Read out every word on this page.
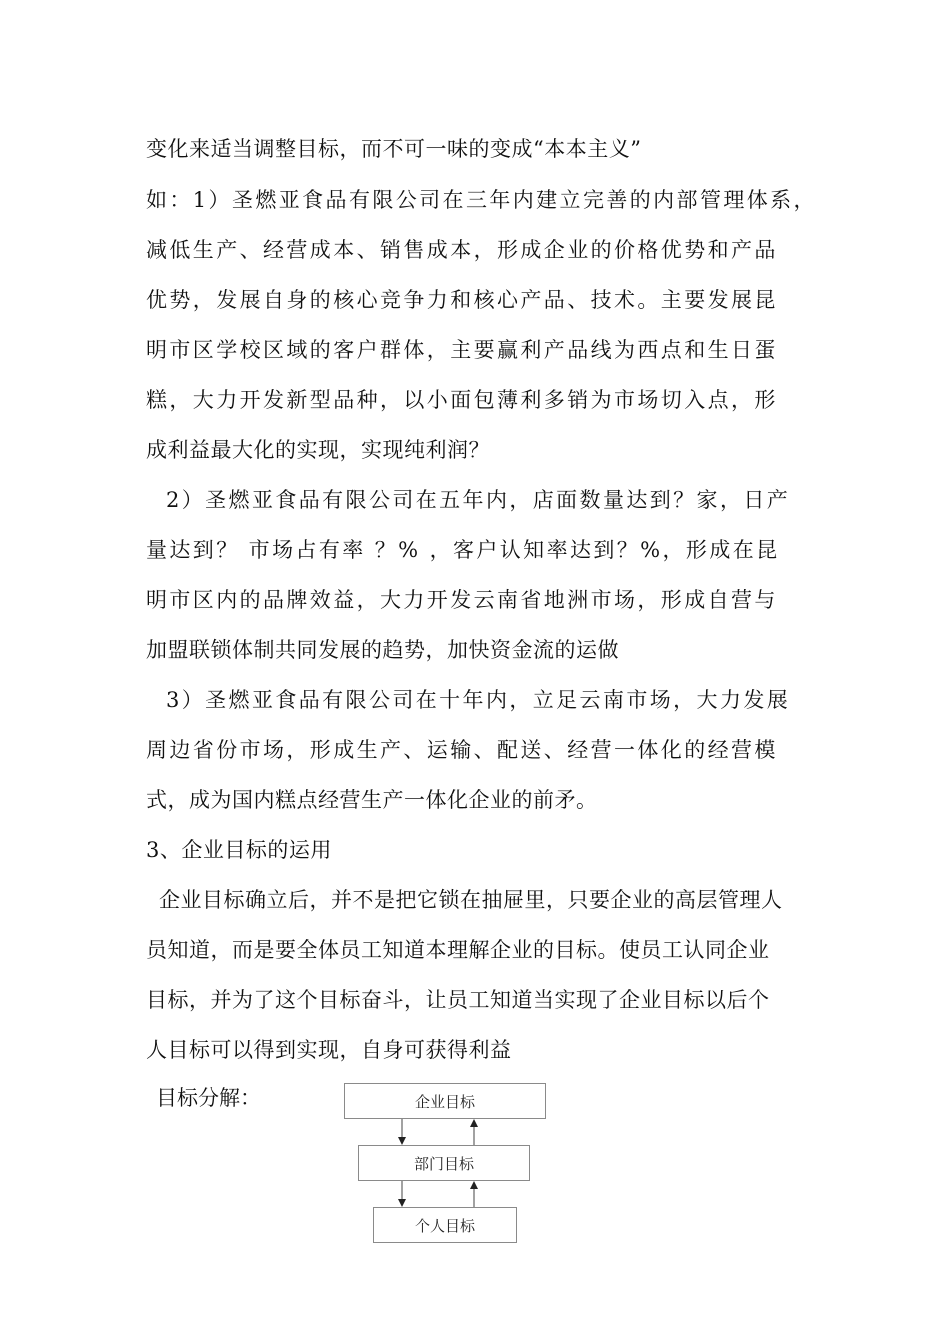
变化来适当调整目标，而不可一味的变成“本本主义”
如：1）圣燃亚食品有限公司在三年内建立完善的内部管理体系，
减低生产、经营成本、销售成本，形成企业的价格优势和产品
优势，发展自身的核心竞争力和核心产品、技术。主要发展昆
明市区学校区域的客户群体，主要赢利产品线为西点和生日蛋
糕，大力开发新型品种，以小面包薄利多销为市场切入点，形
成利益最大化的实现，实现纯利润？
2）圣燃亚食品有限公司在五年内，店面数量达到？家，日产
量达到？ 市场占有率 ？% ，客户认知率达到？%，形成在昆
明市区内的品牌效益，大力开发云南省地洲市场，形成自营与
加盟联锁体制共同发展的趋势，加快资金流的运做
3）圣燃亚食品有限公司在十年内，立足云南市场，大力发展
周边省份市场，形成生产、运输、配送、经营一体化的经营模
式，成为国内糕点经营生产一体化企业的前矛。
3、企业目标的运用
企业目标确立后，并不是把它锁在抽屉里，只要企业的高层管理人
员知道，而是要全体员工知道本理解企业的目标。使员工认同企业
目标，并为了这个目标奋斗，让员工知道当实现了企业目标以后个
人目标可以得到实现，自身可获得利益
目标分解：	企业目标
部门目标
个人目标
